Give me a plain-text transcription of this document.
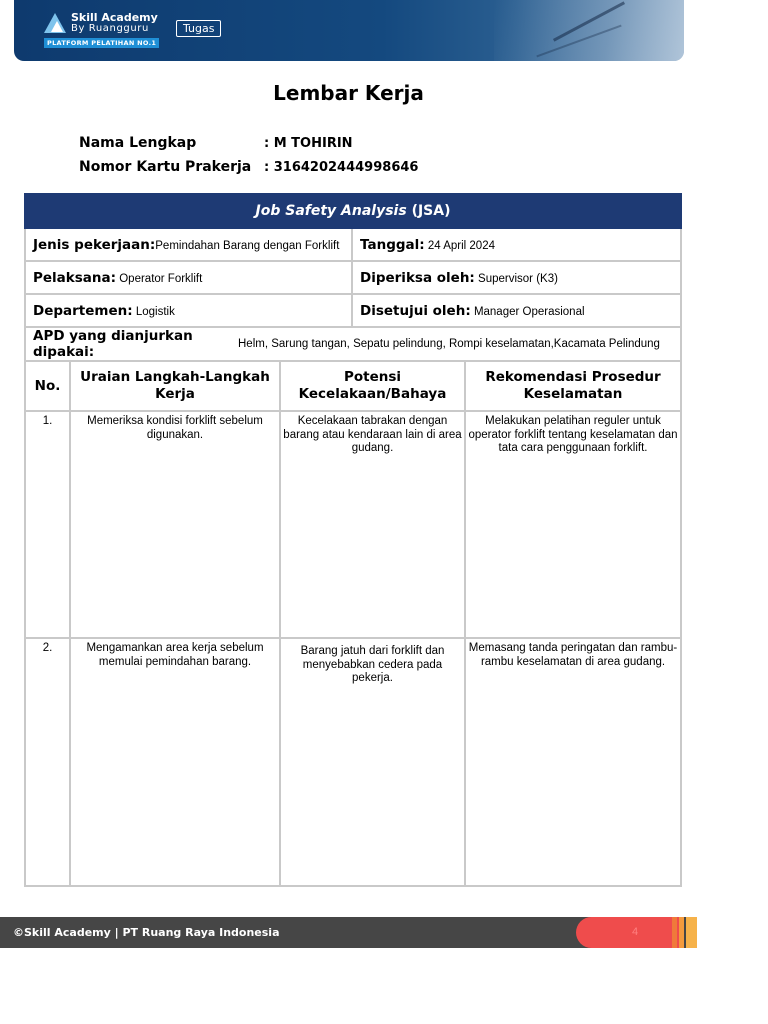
Skill Academy
By Ruangguru
PLATFORM PELATIHAN NO.1
Tugas
Lembar Kerja
Nama Lengkap	: M TOHIRIN
Nomor Kartu Prakerja : 3164202444998646
Job Safety Analysis (JSA)				
Jenis pekerjaan:Pemindahan Barang dengan Forklift			Tanggal: 24 April 2024	
Pelaksana: Operator Forklift			Diperiksa oleh: Supervisor (K3)	
Departemen: Logistik			Disetujui oleh: Manager Operasional	
APD yang dianjurkan dipakai:Helm, Sarung tangan, Sepatu pelindung, Rompi keselamatan,Kacamata Pelindung				
No.	Uraian Langkah-Langkah Kerja	Potensi Kecelakaan/Bahaya		Rekomendasi Prosedur Keselamatan
1.	Memeriksa kondisi forklift sebelum digunakan.	Kecelakaan tabrakan dengan barang atau kendaraan lain di area gudang.		Melakukan pelatihan reguler untuk operator forklift tentang keselamatan dan tata cara penggunaan forklift.
2.	Mengamankan area kerja sebelum memulai pemindahan barang.	Barang jatuh dari forklift dan menyebabkan cedera pada pekerja.		Memasang tanda peringatan dan rambu-rambu keselamatan di area gudang.
©Skill Academy | PT Ruang Raya Indonesia	4
